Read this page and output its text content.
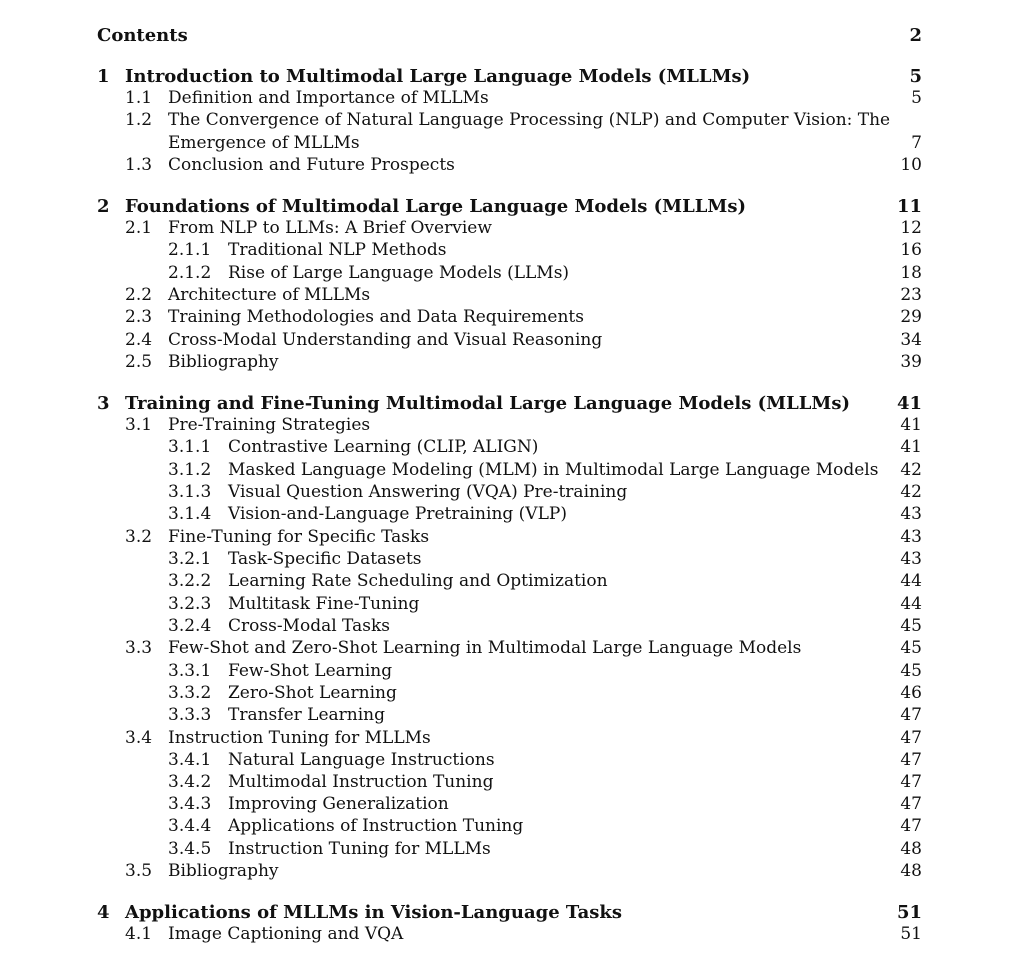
Contents	2
1 Introduction to Multimodal Large Language Models (MLLMs)	5
1.1 Definition and Importance of MLLMs	5
1.2 The Convergence of Natural Language Processing (NLP) and Computer Vision: The
Emergence of MLLMs	7
1.3 Conclusion and Future Prospects	10
2 Foundations of Multimodal Large Language Models (MLLMs)	11
2.1 From NLP to LLMs: A Brief Overview	12
2.1.1 Traditional NLP Methods	16
2.1.2 Rise of Large Language Models (LLMs)	18
2.2 Architecture of MLLMs	23
2.3 Training Methodologies and Data Requirements	29
2.4 Cross-Modal Understanding and Visual Reasoning	34
2.5 Bibliography	39
3 Training and Fine-Tuning Multimodal Large Language Models (MLLMs)	41
3.1 Pre-Training Strategies	41
3.1.1 Contrastive Learning (CLIP, ALIGN)	41
3.1.2 Masked Language Modeling (MLM) in Multimodal Large Language Models 42
3.1.3 Visual Question Answering (VQA) Pre-training	42
3.1.4 Vision-and-Language Pretraining (VLP)	43
3.2 Fine-Tuning for Specific Tasks	43
3.2.1 Task-Specific Datasets	43
3.2.2 Learning Rate Scheduling and Optimization	44
3.2.3 Multitask Fine-Tuning	44
3.2.4 Cross-Modal Tasks	45
3.3 Few-Shot and Zero-Shot Learning in Multimodal Large Language Models	45
3.3.1 Few-Shot Learning	45
3.3.2 Zero-Shot Learning	46
3.3.3 Transfer Learning	47
3.4 Instruction Tuning for MLLMs	47
3.4.1 Natural Language Instructions	47
3.4.2 Multimodal Instruction Tuning	47
3.4.3 Improving Generalization	47
3.4.4 Applications of Instruction Tuning	47
3.4.5 Instruction Tuning for MLLMs	48
3.5 Bibliography	48
4 Applications of MLLMs in Vision-Language Tasks	51
4.1 Image Captioning and VQA	51
